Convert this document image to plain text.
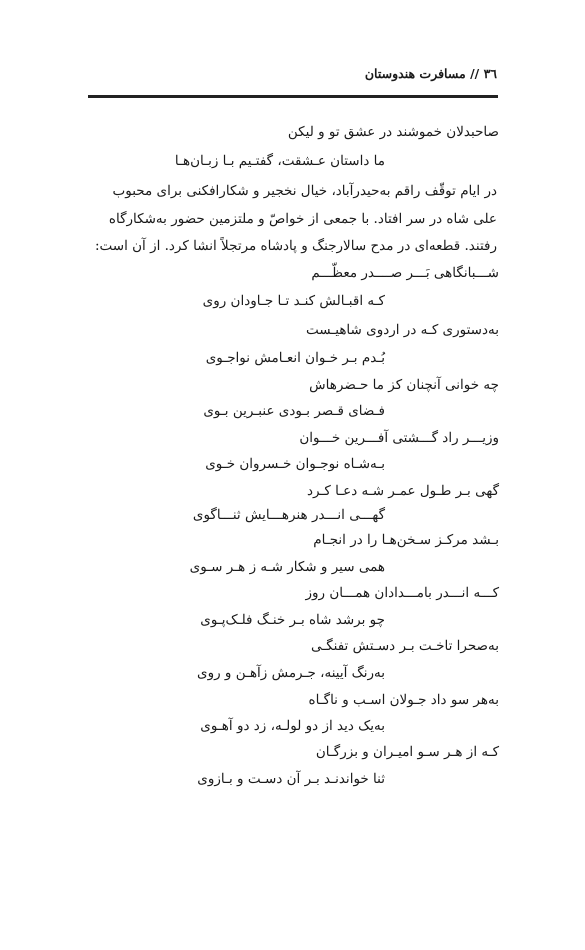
٣٦ // مسافرت هندوستان
صاحبدلان خموشند در عشق تو و لیکن
ما داستان عـشقت، گفتـیم بـا زبـان‌هـا
در ایام توقّف راقم به‌حیدرآباد، خیال نخجیر و شکارافکنی برای محبوب
علی شاه در سر افتاد. با جمعی از خواصّ و ملتزمین حضور به‌شکارگاه
رفتند. قطعه‌ای در مدح سالارجنگ و پادشاه مرتجلاً انشا کرد. از آن است:
شـــبانگاهی بَـــر صــــدر معظّـــم
کـه اقبـالش کنـد تـا جـاودان روی
به‌دستوری کـه در اردوی شاهیـست
بُـدم بـر خـوان انعـامش نواجـوی
چه خوانی آنچنان کز ما حـضرهاش
فـضای قـصر بـودی عنبـرین بـوی
وزیـــر راد گـــشتی آفـــرین خـــوان
بـه‌شـاه نوجـوان خـسروان خـوی
گهی بـر طـول عمـر شـه دعـا کـرد
گهـــی انـــدر هنرهـــایش ثنـــاگوی
بـشد مرکـز سـخن‌هـا را در انجـام
همی سیر و شکار شـه ز هـر سـوی
کـــه انـــدر بامـــدادان همـــان روز
چو برشد شاه بـر خنـگ فلـک‌پـوی
به‌صحرا تاخـت بـر دسـتش تفنگـی
به‌رنگ آیینه، جـرمش زآهـن و روی
به‌هر سو داد جـولان اسـب و ناگـاه
به‌یک دید از دو لولـه، زد دو آهـوی
کـه از هـر سـو امیـران و بزرگـان
ثنا خواندنـد بـر آن دسـت و بـازوی
